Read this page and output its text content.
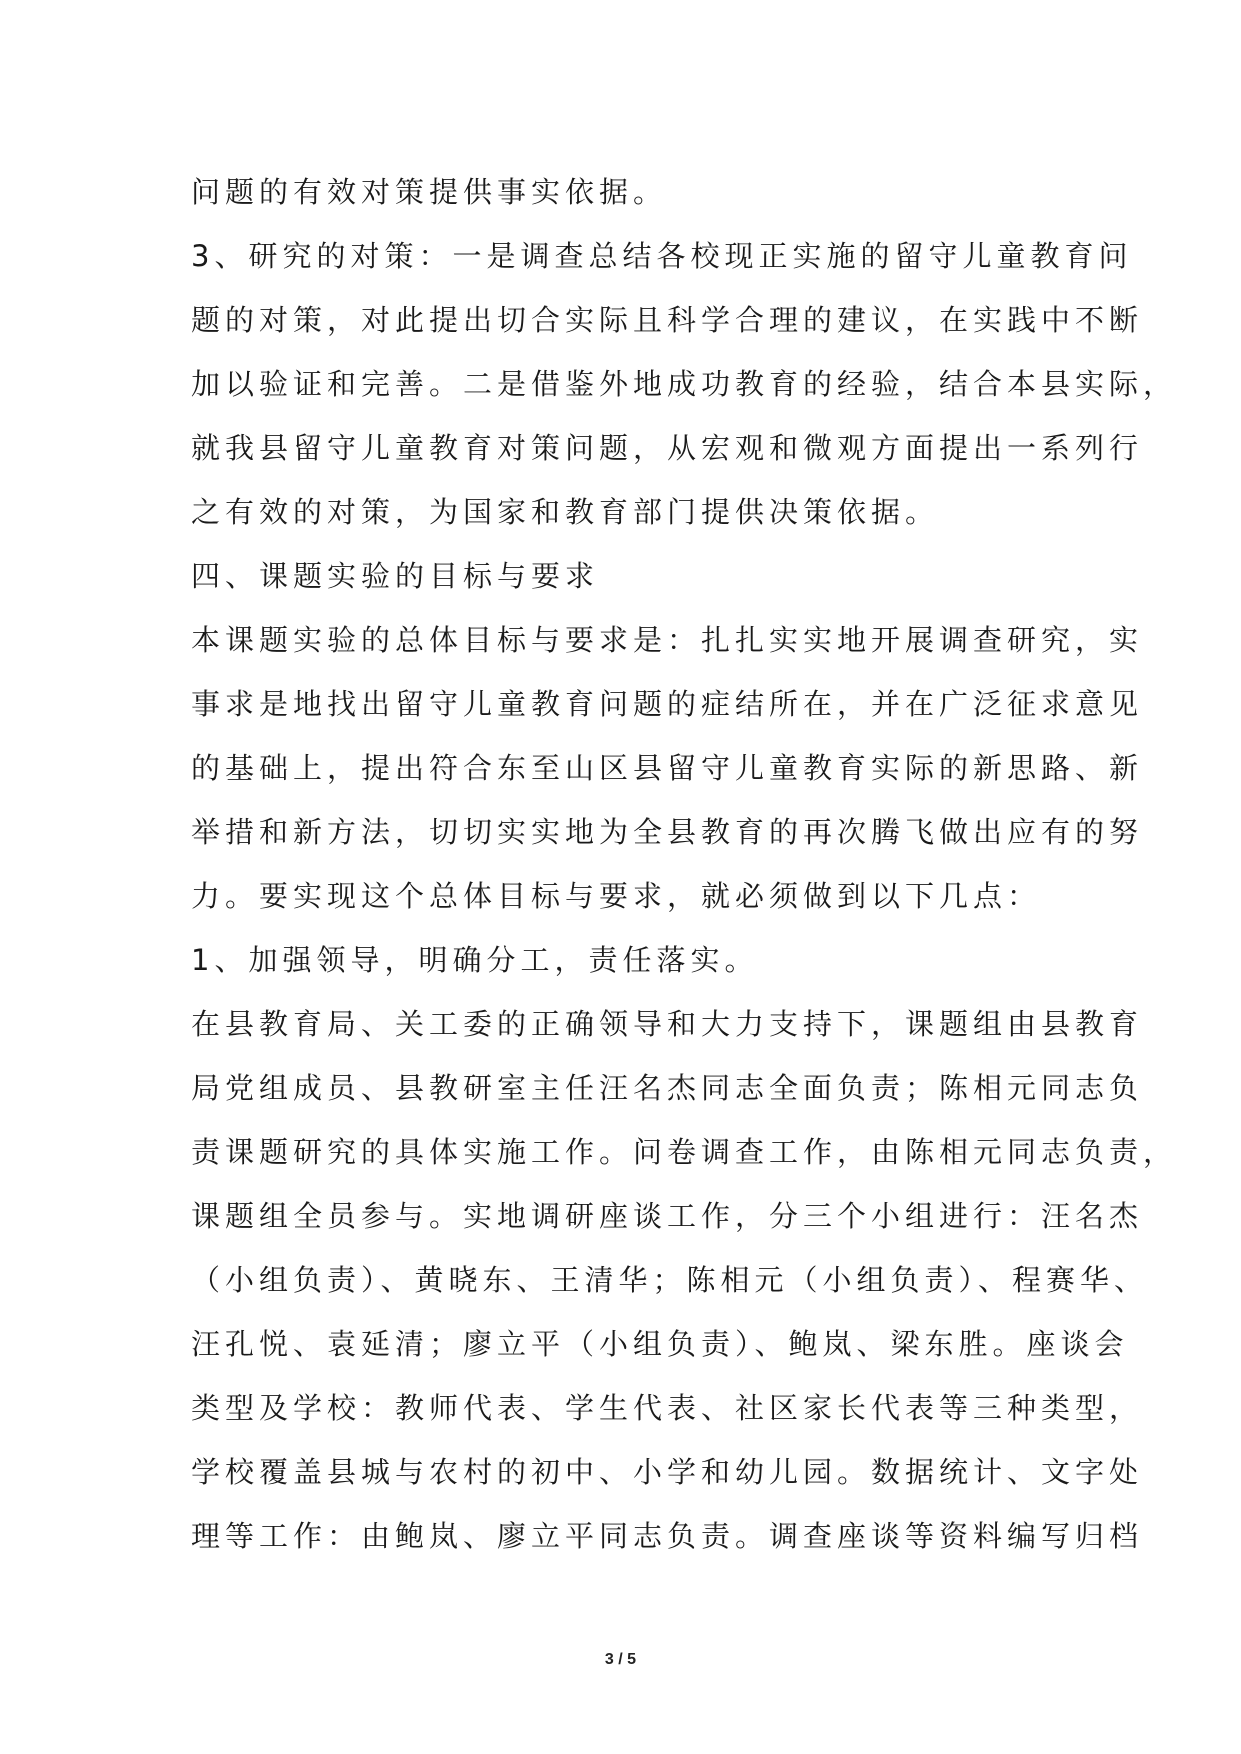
问题的有效对策提供事实依据。
3、研究的对策：一是调查总结各校现正实施的留守儿童教育问
题的对策，对此提出切合实际且科学合理的建议，在实践中不断
加以验证和完善。二是借鉴外地成功教育的经验，结合本县实际，
就我县留守儿童教育对策问题，从宏观和微观方面提出一系列行
之有效的对策，为国家和教育部门提供决策依据。
四、课题实验的目标与要求
本课题实验的总体目标与要求是：扎扎实实地开展调查研究，实
事求是地找出留守儿童教育问题的症结所在，并在广泛征求意见
的基础上，提出符合东至山区县留守儿童教育实际的新思路、新
举措和新方法，切切实实地为全县教育的再次腾飞做出应有的努
力。要实现这个总体目标与要求，就必须做到以下几点：
1、加强领导，明确分工，责任落实。
在县教育局、关工委的正确领导和大力支持下，课题组由县教育
局党组成员、县教研室主任汪名杰同志全面负责；陈相元同志负
责课题研究的具体实施工作。问卷调查工作，由陈相元同志负责，
课题组全员参与。实地调研座谈工作，分三个小组进行：汪名杰
（小组负责）、黄晓东、王清华；陈相元（小组负责）、程赛华、
汪孔悦、袁延清；廖立平（小组负责）、鲍岚、梁东胜。座谈会
类型及学校：教师代表、学生代表、社区家长代表等三种类型，
学校覆盖县城与农村的初中、小学和幼儿园。数据统计、文字处
理等工作：由鲍岚、廖立平同志负责。调查座谈等资料编写归档
3 / 5
